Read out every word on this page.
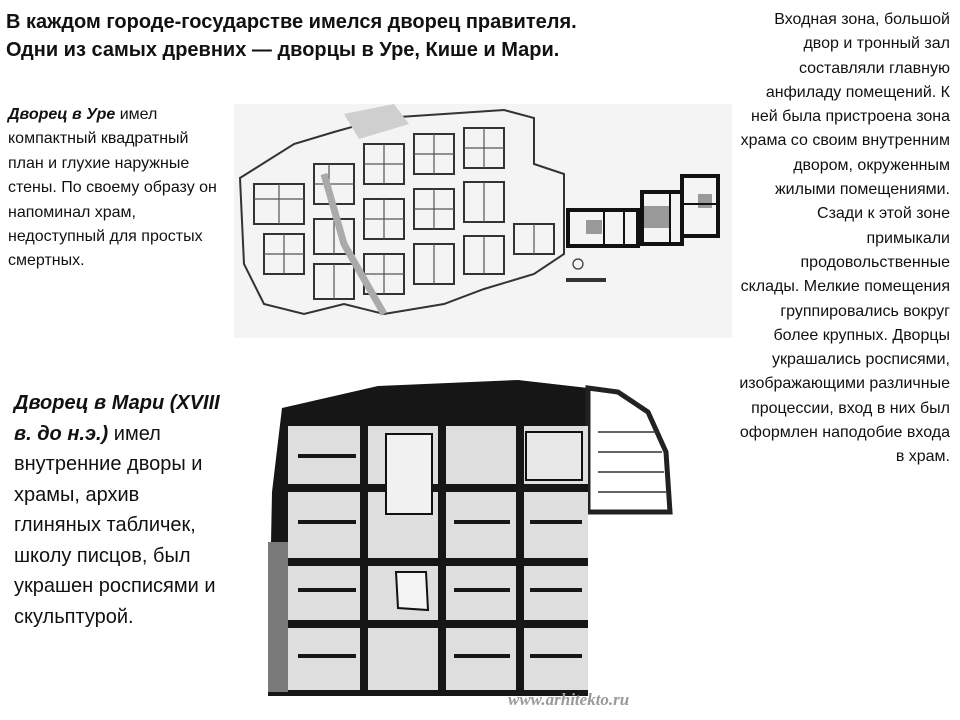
В каждом городе-государстве имелся дворец правителя.
Одни из самых древних — дворцы в Уре, Кише и Мари.
Входная зона, большой двор и тронный зал составляли главную анфиладу помещений. К ней была пристроена зона храма со своим внутренним двором, окруженным жилыми помещениями. Сзади к этой зоне примыкали продовольственные склады. Мелкие помещения группировались вокруг более крупных. Дворцы украшались росписями, изображающими различные процессии, вход в них был оформлен наподобие входа в храм.
Дворец в Уре имел компактный квадратный план и глухие наружные стены. По своему образу он напоминал храм, недоступный для простых смертных.
Дворец в Мари (XVIII в. до н.э.) имел внутренние дворы и храмы, архив глиняных табличек, школу писцов, был украшен росписями и скульптурой.
www.arhitekto.ru
